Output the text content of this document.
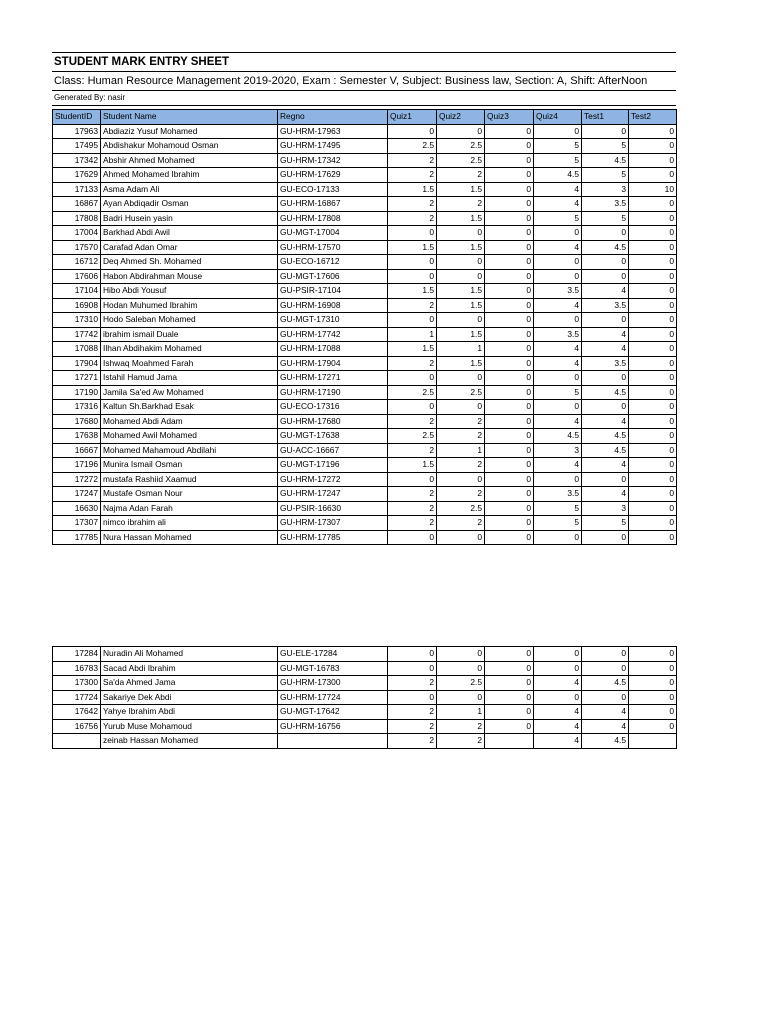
STUDENT MARK ENTRY SHEET
Class: Human Resource Management 2019-2020, Exam : Semester V, Subject: Business law, Section: A, Shift: AfterNoon
Generated By: nasir
StudentID	Student Name	Regno	Quiz1	Quiz2	Quiz3	Quiz4	Test1	Test2
17963	Abdiaziz Yusuf Mohamed	GU-HRM-17963	0	0	0	0	0	0
17495	Abdishakur Mohamoud Osman	GU-HRM-17495	2.5	2.5	0	5	5	0
17342	Abshir Ahmed Mohamed	GU-HRM-17342	2	2.5	0	5	4.5	0
17629	Ahmed Mohamed Ibrahim	GU-HRM-17629	2	2	0	4.5	5	0
17133	Asma Adam Ali	GU-ECO-17133	1.5	1.5	0	4	3	10
16867	Ayan Abdiqadir Osman	GU-HRM-16867	2	2	0	4	3.5	0
17808	Badri Husein yasin	GU-HRM-17808	2	1.5	0	5	5	0
17004	Barkhad Abdi Awil	GU-MGT-17004	0	0	0	0	0	0
17570	Carafad Adan Omar	GU-HRM-17570	1.5	1.5	0	4	4.5	0
16712	Deq Ahmed Sh. Mohamed	GU-ECO-16712	0	0	0	0	0	0
17606	Habon Abdirahman Mouse	GU-MGT-17606	0	0	0	0	0	0
17104	Hibo Abdi Yousuf	GU-PSIR-17104	1.5	1.5	0	3.5	4	0
16908	Hodan Muhumed Ibrahim	GU-HRM-16908	2	1.5	0	4	3.5	0
17310	Hodo Saleban Mohamed	GU-MGT-17310	0	0	0	0	0	0
17742	ibrahim ismail Duale	GU-HRM-17742	1	1.5	0	3.5	4	0
17088	Ilhan Abdihakim Mohamed	GU-HRM-17088	1.5	1	0	4	4	0
17904	Ishwaq Moahmed Farah	GU-HRM-17904	2	1.5	0	4	3.5	0
17271	Istahil Hamud Jama	GU-HRM-17271	0	0	0	0	0	0
17190	Jamila Sa'ed Aw Mohamed	GU-HRM-17190	2.5	2.5	0	5	4.5	0
17316	Kaltun Sh.Barkhad Esak	GU-ECO-17316	0	0	0	0	0	0
17680	Mohamed Abdi Adam	GU-HRM-17680	2	2	0	4	4	0
17638	Mohamed Awil Mohamed	GU-MGT-17638	2.5	2	0	4.5	4.5	0
16667	Mohamed Mahamoud Abdilahi	GU-ACC-16667	2	1	0	3	4.5	0
17196	Munira Ismail Osman	GU-MGT-17196	1.5	2	0	4	4	0
17272	mustafa Rashiid Xaamud	GU-HRM-17272	0	0	0	0	0	0
17247	Mustafe Osman Nour	GU-HRM-17247	2	2	0	3.5	4	0
16630	Najma Adan Farah	GU-PSIR-16630	2	2.5	0	5	3	0
17307	nimco ibrahim ali	GU-HRM-17307	2	2	0	5	5	0
17785	Nura Hassan Mohamed	GU-HRM-17785	0	0	0	0	0	0
17284	Nuradin Ali Mohamed	GU-ELE-17284	0	0	0	0	0	0
16783	Sacad Abdi Ibrahim	GU-MGT-16783	0	0	0	0	0	0
17300	Sa'da Ahmed Jama	GU-HRM-17300	2	2.5	0	4	4.5	0
17724	Sakariye Dek Abdi	GU-HRM-17724	0	0	0	0	0	0
17642	Yahye Ibrahim Abdi	GU-MGT-17642	2	1	0	4	4	0
16756	Yurub Muse Mohamoud	GU-HRM-16756	2	2	0	4	4	0
	zeinab Hassan Mohamed		2	2		4	4.5	
